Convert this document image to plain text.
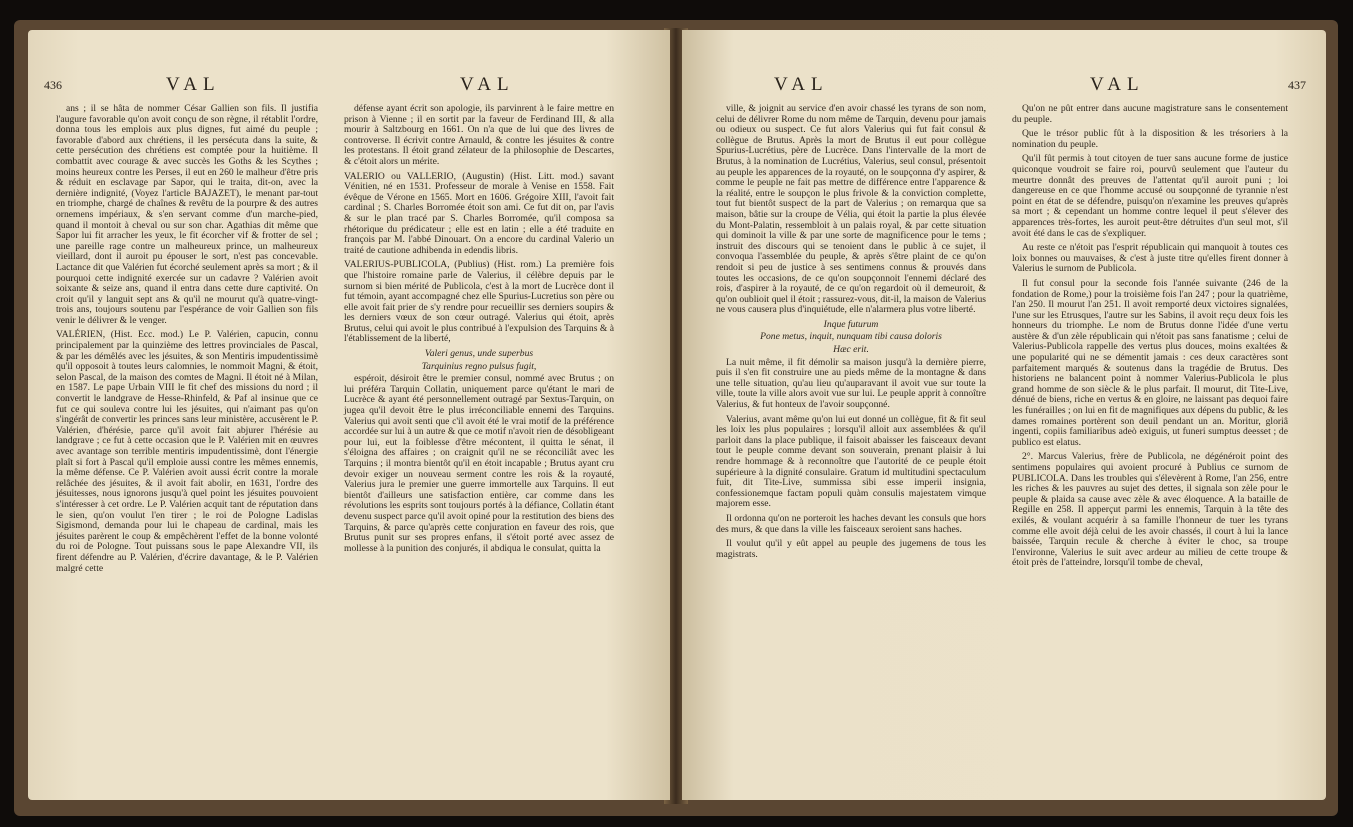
436	VAL	VAL

ans ; il se hâta de nommer César Gallien son fils. Il justifia l'augure favorable qu'on avoit conçu de son règne, il rétablit l'ordre, donna tous les emplois aux plus dignes, fut aimé du peuple ; favorable d'abord aux chrétiens, il les persécuta dans la suite, & cette persécution des chrétiens est comptée pour la huitième. Il combattit avec courage & avec succès les Goths & les Scythes ; moins heureux contre les Perses, il eut en 260 le malheur d'être pris & réduit en esclavage par Sapor, qui le traita, dit-on, avec la dernière indignité, (Voyez l'article BAJAZET), le menant par-tout en triomphe, chargé de chaînes & revêtu de la pourpre & des autres ornemens impériaux, & s'en servant comme d'un marche-pied, quand il montoit à cheval ou sur son char. Agathias dit même que Sapor lui fit arracher les yeux, le fit écorcher vif & frotter de sel ; une pareille rage contre un malheureux prince, un malheureux vieillard, dont il auroit pu épouser le sort, n'est pas concevable. Lactance dit que Valérien fut écorché seulement après sa mort ; & il pourquoi cette indignité exercée sur un cadavre ? Valérien avoit soixante & seize ans, quand il entra dans cette dure captivité. On croit qu'il y languit sept ans & qu'il ne mourut qu'à quatre-vingt-trois ans, toujours soutenu par l'espérance de voir Gallien son fils venir le délivrer & le venger.

VALÉRIEN, (Hist. Ecc. mod.) Le P. Valérien, capucin, connu principalement par la quinzième des lettres provinciales de Pascal, & par les démêlés avec les jésuites, & son Mentiris impudentissimè qu'il opposoit à toutes leurs calomnies, le nommoit Magni, & étoit, selon Pascal, de la maison des comtes de Magni. Il étoit né à Milan, en 1587. Le pape Urbain VIII le fit chef des missions du nord ; il convertit le landgrave de Hesse-Rhinfeld, & Paf al insinue que ce fut ce qui souleva contre lui les jésuites, qui n'aimant pas qu'on s'ingérât de convertir les princes sans leur ministère, accusèrent le P. Valérien, d'hérésie, parce qu'il avoit fait abjurer l'hérésie au landgrave ; ce fut à cette occasion que le P. Valérien mit en œuvres avec avantage son terrible mentiris impudentissimè, dont l'énergie plaît si fort à Pascal qu'il emploie aussi contre les mêmes ennemis, la même défense. Ce P. Valérien avoit aussi écrit contre la morale relâchée des jésuites, & il avoit fait abolir, en 1631, l'ordre des jésuitesses, nous ignorons jusqu'à quel point les jésuites pouvoient s'intéresser à cet ordre. Le P. Valérien acquit tant de réputation dans le sien, qu'on voulut l'en tirer ; le roi de Pologne Ladislas Sigismond, demanda pour lui le chapeau de cardinal, mais les jésuites parèrent le coup & empêchèrent l'effet de la bonne volonté du roi de Pologne. Tout puissans sous le pape Alexandre VII, ils firent défendre au P. Valérien, d'écrire davantage, & le P. Valérien malgré cette

défense ayant écrit son apologie, ils parvinrent à le faire mettre en prison à Vienne ; il en sortit par la faveur de Ferdinand III, & alla mourir à Saltzbourg en 1661. On n'a que de lui que des livres de controverse. Il écrivit contre Arnauld, & contre les jésuites & contre les protestans. Il étoit grand zélateur de la philosophie de Descartes, & c'étoit alors un mérite.

VALERIO ou VALLERIO, (Augustin) (Hist. Litt. mod.) savant Vénitien, né en 1531. Professeur de morale à Venise en 1558. Fait évêque de Vérone en 1565. Mort en 1606. Grégoire XIII, l'avoit fait cardinal ; S. Charles Borromée étoit son ami. Ce fut dit on, par l'avis & sur le plan tracé par S. Charles Borromée, qu'il composa sa rhétorique du prédicateur ; elle est en latin ; elle a été traduite en françois par M. l'abbé Dinouart. On a encore du cardinal Valerio un traité de cautione adhibenda in edendis libris.

VALERIUS-PUBLICOLA, (Publius) (Hist. rom.) La première fois que l'histoire romaine parle de Valerius, il célèbre depuis par le surnom si bien mérité de Publicola, c'est à la mort de Lucrèce dont il fut témoin, ayant accompagné chez elle Spurius-Lucretius son père ou elle avoit fait prier de s'y rendre pour recueillir ses derniers soupirs & les derniers vœux de son cœur outragé. Valerius qui étoit, après Brutus, celui qui avoit le plus contribué à l'expulsion des Tarquins & à l'établissement de la liberté,

Valeri genus, unde superbus

Tarquinius regno pulsus fugit,

espéroit, désiroit être le premier consul, nommé avec Brutus ; on lui préféra Tarquin Collatin, uniquement parce qu'étant le mari de Lucrèce & ayant été personnellement outragé par Sextus-Tarquin, on jugea qu'il devoit être le plus irréconciliable ennemi des Tarquins. Valerius qui avoit senti que c'il avoit été le vrai motif de la préférence accordée sur lui à un autre & que ce motif n'avoit rien de désobligeant pour lui, eut la foiblesse d'être mécontent, il quitta le sénat, il s'éloigna des affaires ; on craignit qu'il ne se réconciliât avec les Tarquins ; il montra bientôt qu'il en étoit incapable ; Brutus ayant cru devoir exiger un nouveau serment contre les rois & la royauté, Valerius jura le premier une guerre immortelle aux Tarquins. Il eut bientôt d'ailleurs une satisfaction entière, car comme dans les révolutions les esprits sont toujours portés à la défiance, Collatin étant devenu suspect parce qu'il avoit opiné pour la restitution des biens des Tarquins, & parce qu'après cette conjuration en faveur des rois, que Brutus punit sur ses propres enfans, il s'étoit porté avec assez de mollesse à la punition des conjurés, il abdiqua le consulat, quitta la

VAL	VAL	437

ville, & joignit au service d'en avoir chassé les tyrans de son nom, celui de délivrer Rome du nom même de Tarquin, devenu pour jamais ou odieux ou suspect. Ce fut alors Valerius qui fut fait consul & collègue de Brutus. Après la mort de Brutus il eut pour collègue Spurius-Lucrétius, père de Lucrèce. Dans l'intervalle de la mort de Brutus, à la nomination de Lucrétius, Valerius, seul consul, présentoit au peuple les apparences de la royauté, on le soupçonna d'y aspirer, & comme le peuple ne fait pas mettre de différence entre l'apparence & la réalité, entre le soupçon le plus frivole & la conviction complette, tout fut bientôt suspect de la part de Valerius ; on remarqua que sa maison, bâtie sur la croupe de Vélia, qui étoit la partie la plus élevée du Mont-Palatin, ressembloit à un palais royal, & par cette situation qui dominoit la ville & par une sorte de magnificence pour le tems ; instruit des discours qui se tenoient dans le public à ce sujet, il convoqua l'assemblée du peuple, & après s'être plaint de ce qu'on rendoit si peu de justice à ses sentimens connus & prouvés dans toutes les occasions, de ce qu'on soupçonnoit l'ennemi déclaré des rois, d'aspirer à la royauté, de ce qu'on regardoit où il demeuroit, & qu'on oublioit quel il étoit ; rassurez-vous, dit-il, la maison de Valerius ne vous causera plus d'inquiétude, elle n'alarmera plus votre liberté.

Inque futurum

Pone metus, inquit, nunquam tibi causa doloris

Hæc erit.

La nuit même, il fit démolir sa maison jusqu'à la dernière pierre, puis il s'en fit construire une au pieds même de la montagne & dans une telle situation, qu'au lieu qu'auparavant il avoit vue sur toute la ville, toute la ville alors avoit vue sur lui. Le peuple apprit à connoître Valerius, & fut honteux de l'avoir soupçonné.

Valerius, avant même qu'on lui eut donné un collègue, fit & fit seul les loix les plus populaires ; lorsqu'il alloit aux assemblées & qu'il parloit dans la place publique, il faisoit abaisser les faisceaux devant tout le peuple comme devant son souverain, prenant plaisir à lui rendre hommage & à reconnoître que l'autorité de ce peuple étoit supérieure à la dignité consulaire. Gratum id multitudini spectaculum fuit, dit Tite-Live, summissa sibi esse imperii insignia, confessionemque factam populi quàm consulis majestatem vimque majorem esse.

Il ordonna qu'on ne porteroit les haches devant les consuls que hors des murs, & que dans la ville les faisceaux seroient sans haches.

Il voulut qu'il y eût appel au peuple des jugemens de tous les magistrats.

Qu'on ne pût entrer dans aucune magistrature sans le consentement du peuple.

Que le trésor public fût à la disposition & les trésoriers à la nomination du peuple.

Qu'il fût permis à tout citoyen de tuer sans aucune forme de justice quiconque voudroit se faire roi, pourvû seulement que l'auteur du meurtre donnât des preuves de l'attentat qu'il auroit puni ; loi dangereuse en ce que l'homme accusé ou soupçonné de tyrannie n'est point en état de se défendre, puisqu'on n'examine les preuves qu'après sa mort ; & cependant un homme contre lequel il peut s'élever des apparences très-fortes, les auroit peut-être détruites d'un seul mot, s'il avoit été dans le cas de s'expliquer.

Au reste ce n'étoit pas l'esprit républicain qui manquoit à toutes ces loix bonnes ou mauvaises, & c'est à juste titre qu'elles firent donner à Valerius le surnom de Publicola.

Il fut consul pour la seconde fois l'année suivante (246 de la fondation de Rome,) pour la troisième fois l'an 247 ; pour la quatrième, l'an 250. Il mourut l'an 251. Il avoit remporté deux victoires signalées, l'une sur les Etrusques, l'autre sur les Sabins, il avoit reçu deux fois les honneurs du triomphe. Le nom de Brutus donne l'idée d'une vertu austère & d'un zèle républicain qui n'étoit pas sans fanatisme ; celui de Valerius-Publicola rappelle des vertus plus douces, moins exaltées & une popularité qui ne se démentit jamais : ces deux caractères sont parfaitement marqués & soutenus dans la tragédie de Brutus. Des historiens ne balancent point à nommer Valerius-Publicola le plus grand homme de son siècle & le plus parfait. Il mourut, dit Tite-Live, dénué de biens, riche en vertus & en gloire, ne laissant pas dequoi faire les funérailles ; on lui en fit de magnifiques aux dépens du public, & les dames romaines portèrent son deuil pendant un an. Moritur, gloriâ ingenti, copiis familiaribus adeò exiguis, ut funeri sumptus deesset ; de publico est elatus.

2°. Marcus Valerius, frère de Publicola, ne dégénéroit point des sentimens populaires qui avoient procuré à Publius ce surnom de PUBLICOLA. Dans les troubles qui s'élevèrent à Rome, l'an 256, entre les riches & les pauvres au sujet des dettes, il signala son zèle pour le peuple & plaida sa cause avec zèle & avec éloquence. A la bataille de Regille en 258. Il apperçut parmi les ennemis, Tarquin à la tête des exilés, & voulant acquérir à sa famille l'honneur de tuer les tyrans comme elle avoit déjà celui de les avoir chassés, il court à lui la lance baissée, Tarquin recule & cherche à éviter le choc, sa troupe l'environne, Valerius le suit avec ardeur au milieu de cette troupe & étoit près de l'atteindre, lorsqu'il tombe de cheval,
